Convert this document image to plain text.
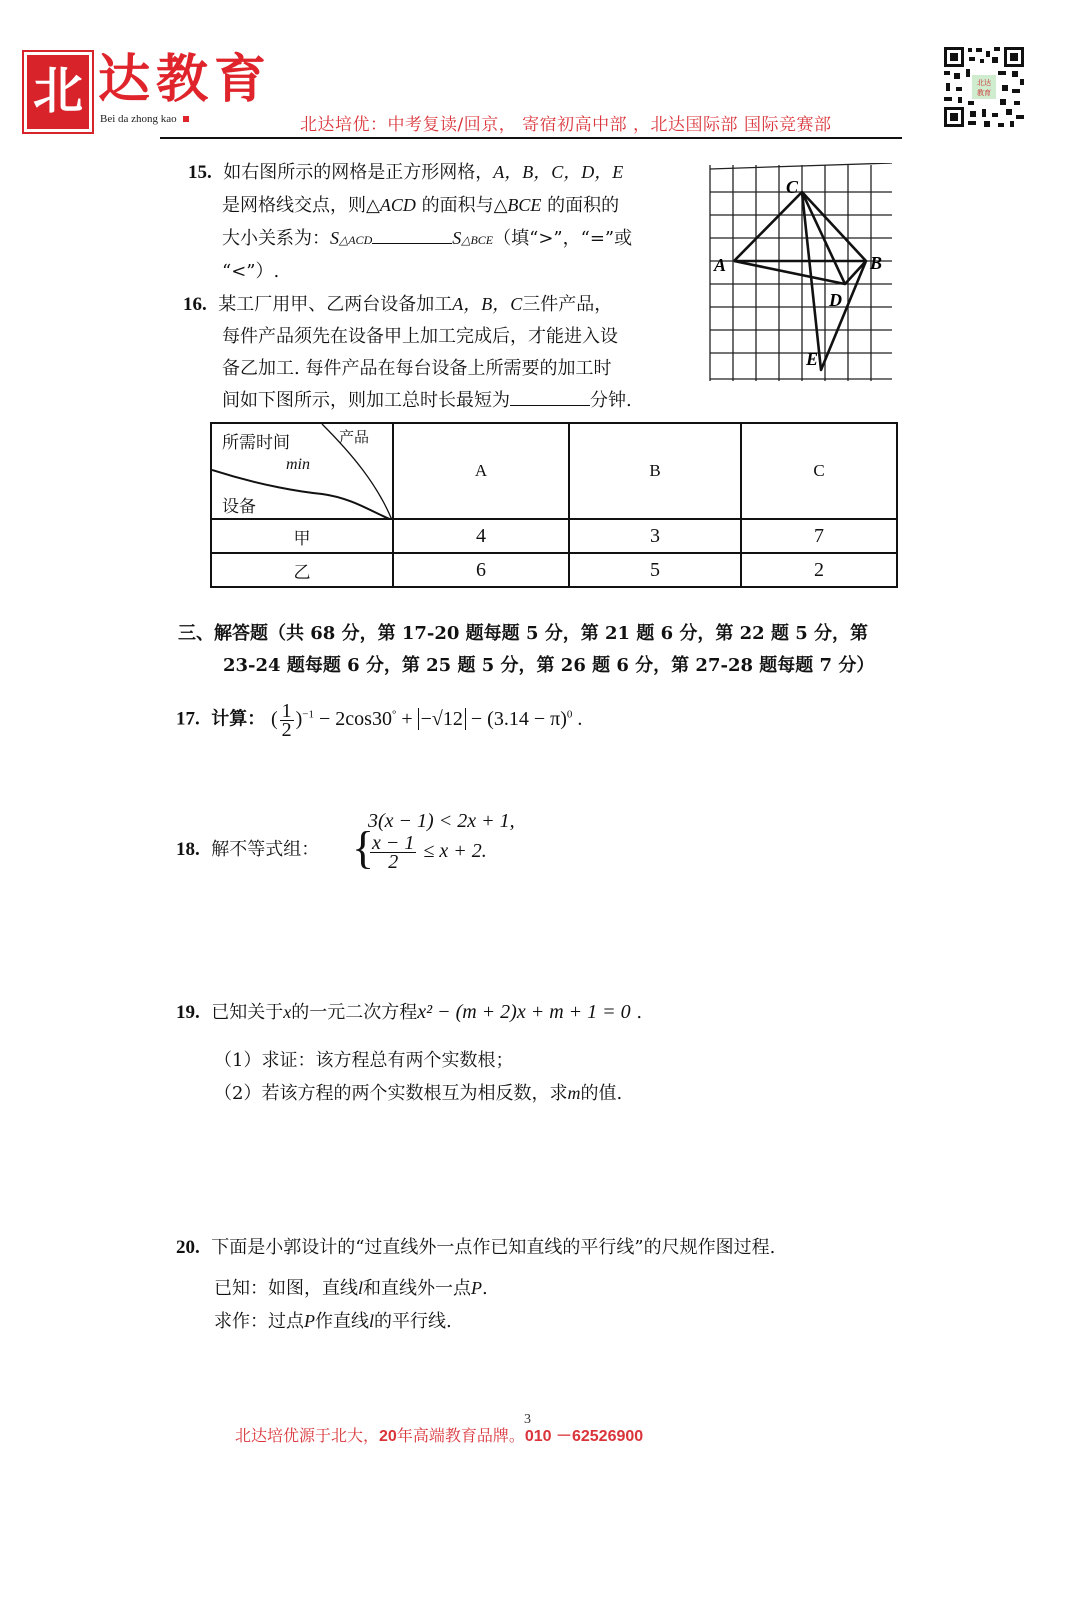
北 达教育
Bei da zhong kao	北达培优：中考复读/回京， 寄宿初高中部 ，北达国际部 国际竞赛部
北达
教育
15. 如右图所示的网格是正方形网格，A，B，C，D，E
是网格线交点，则△ACD 的面积与△BCE 的面积的
大小关系为：S△ACD	S△BCE（填“>”，“=”或
“<”）.	A	B
C
D
E
16. 某工厂用甲、乙两台设备加工A，B，C三件产品，
每件产品须先在设备甲上加工完成后，才能进入设
备乙加工. 每件产品在每台设备上所需要的加工时
间如下图所示，则加工总时长最短为	分钟.
所需时间 产品
min
设备	A	B	C
甲	4	3	7
乙	6	5	2
三、解答题（共 68 分，第 17-20 题每题 5 分，第 21 题 6 分，第 22 题 5 分，第
23-24 题每题 6 分，第 25 题 5 分，第 26 题 6 分，第 27-28 题每题 7 分）
17. 计算： ( $\frac{1}{2} )^{-1} - 2\cos 30^\circ + -√12 - (3.14 - \pi)^0$ .
18. 解不等式组： {
3(x − 1) < 2x + 1,
$\frac{x - 1}{2} \le x + 2$.
19. 已知关于x的一元二次方程x² − (m + 2)x + m + 1 = 0 .
（1）求证：该方程总有两个实数根；
（2）若该方程的两个实数根互为相反数，求m的值.
20. 下面是小郭设计的“过直线外一点作已知直线的平行线”的尺规作图过程.
已知：如图，直线l和直线外一点P.
求作：过点P作直线l的平行线.
3
北达培优源于北大，20年高端教育品牌。010 －62526900
